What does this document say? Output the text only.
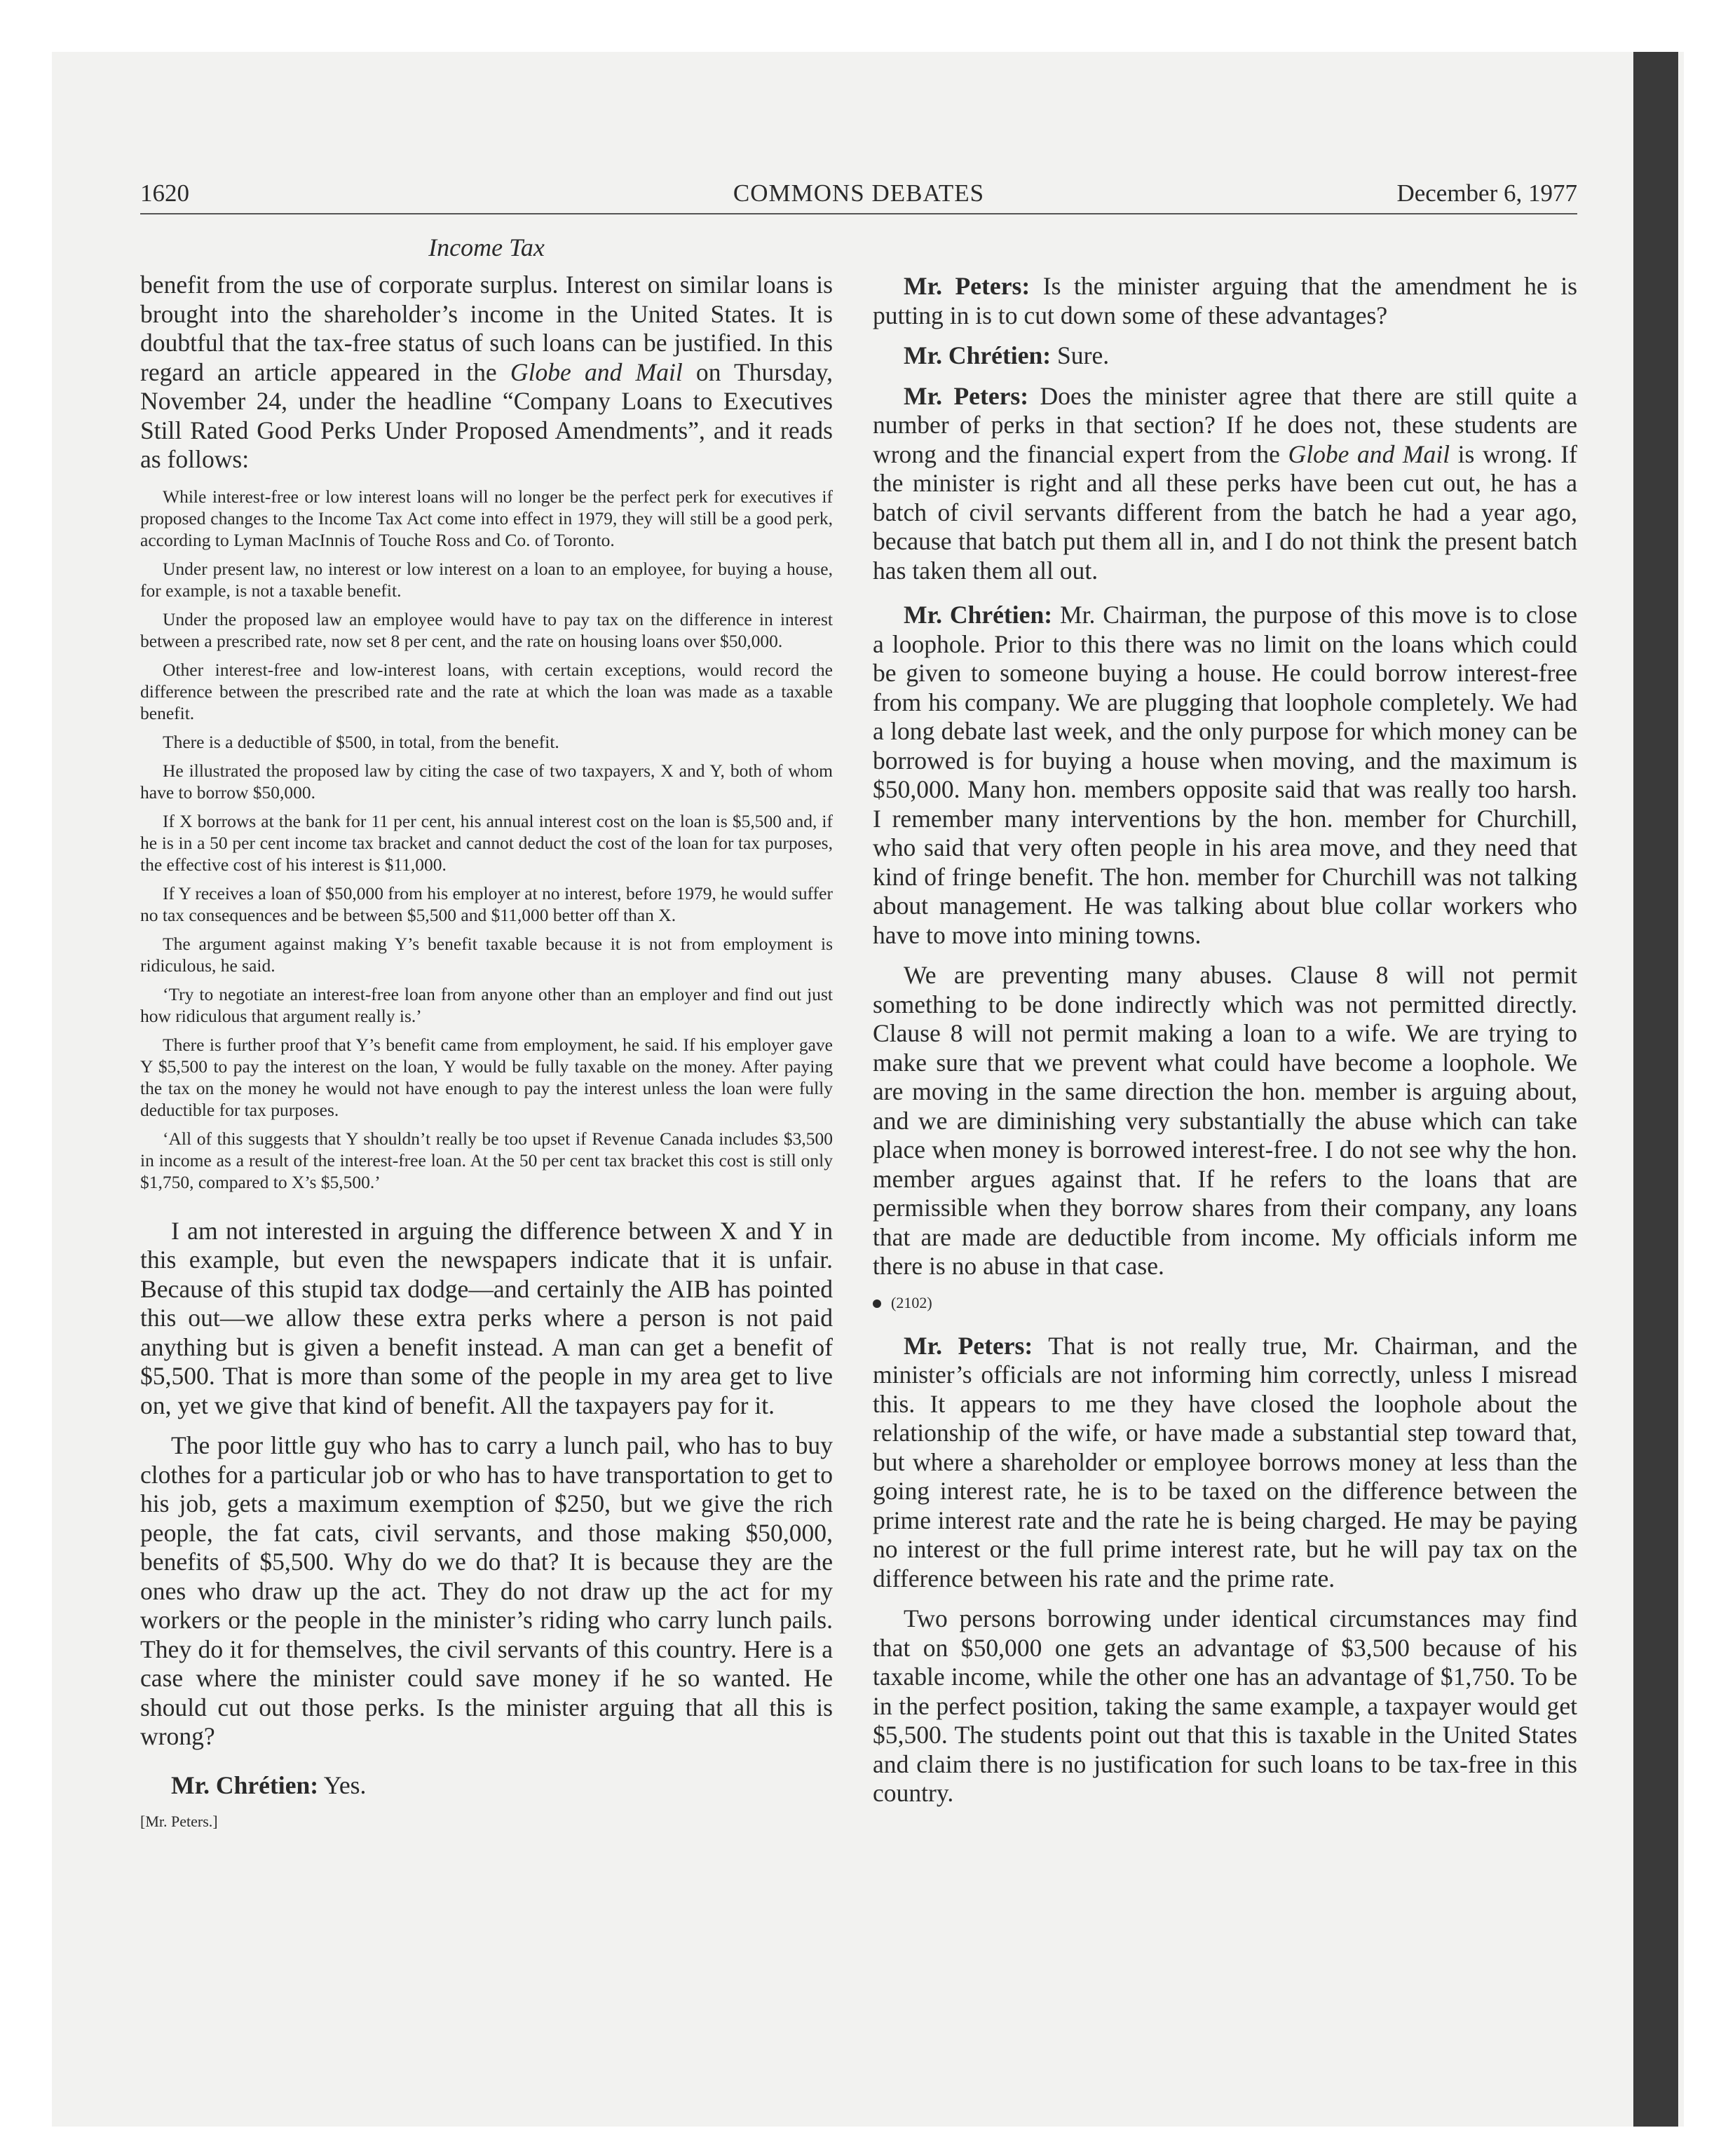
1620	COMMONS DEBATES	December 6, 1977
Income Tax

benefit from the use of corporate surplus. Interest on similar loans is brought into the shareholder’s income in the United States. It is doubtful that the tax-free status of such loans can be justified. In this regard an article appeared in the Globe and Mail on Thursday, November 24, under the headline “Company Loans to Executives Still Rated Good Perks Under Proposed Amendments”, and it reads as follows:

While interest-free or low interest loans will no longer be the perfect perk for executives if proposed changes to the Income Tax Act come into effect in 1979, they will still be a good perk, according to Lyman MacInnis of Touche Ross and Co. of Toronto.

Under present law, no interest or low interest on a loan to an employee, for buying a house, for example, is not a taxable benefit.

Under the proposed law an employee would have to pay tax on the difference in interest between a prescribed rate, now set 8 per cent, and the rate on housing loans over $50,000.

Other interest-free and low-interest loans, with certain exceptions, would record the difference between the prescribed rate and the rate at which the loan was made as a taxable benefit.

There is a deductible of $500, in total, from the benefit.

He illustrated the proposed law by citing the case of two taxpayers, X and Y, both of whom have to borrow $50,000.

If X borrows at the bank for 11 per cent, his annual interest cost on the loan is $5,500 and, if he is in a 50 per cent income tax bracket and cannot deduct the cost of the loan for tax purposes, the effective cost of his interest is $11,000.

If Y receives a loan of $50,000 from his employer at no interest, before 1979, he would suffer no tax consequences and be between $5,500 and $11,000 better off than X.

The argument against making Y’s benefit taxable because it is not from employment is ridiculous, he said.

‘Try to negotiate an interest-free loan from anyone other than an employer and find out just how ridiculous that argument really is.’

There is further proof that Y’s benefit came from employment, he said. If his employer gave Y $5,500 to pay the interest on the loan, Y would be fully taxable on the money. After paying the tax on the money he would not have enough to pay the interest unless the loan were fully deductible for tax purposes.

‘All of this suggests that Y shouldn’t really be too upset if Revenue Canada includes $3,500 in income as a result of the interest-free loan. At the 50 per cent tax bracket this cost is still only $1,750, compared to X’s $5,500.’

I am not interested in arguing the difference between X and Y in this example, but even the newspapers indicate that it is unfair. Because of this stupid tax dodge—and certainly the AIB has pointed this out—we allow these extra perks where a person is not paid anything but is given a benefit instead. A man can get a benefit of $5,500. That is more than some of the people in my area get to live on, yet we give that kind of benefit. All the taxpayers pay for it.

The poor little guy who has to carry a lunch pail, who has to buy clothes for a particular job or who has to have transportation to get to his job, gets a maximum exemption of $250, but we give the rich people, the fat cats, civil servants, and those making $50,000, benefits of $5,500. Why do we do that? It is because they are the ones who draw up the act. They do not draw up the act for my workers or the people in the minister’s riding who carry lunch pails. They do it for themselves, the civil servants of this country. Here is a case where the minister could save money if he so wanted. He should cut out those perks. Is the minister arguing that all this is wrong?

Mr. Chrétien: Yes.

[Mr. Peters.]

Mr. Peters: Is the minister arguing that the amendment he is putting in is to cut down some of these advantages?

Mr. Chrétien: Sure.

Mr. Peters: Does the minister agree that there are still quite a number of perks in that section? If he does not, these students are wrong and the financial expert from the Globe and Mail is wrong. If the minister is right and all these perks have been cut out, he has a batch of civil servants different from the batch he had a year ago, because that batch put them all in, and I do not think the present batch has taken them all out.

Mr. Chrétien: Mr. Chairman, the purpose of this move is to close a loophole. Prior to this there was no limit on the loans which could be given to someone buying a house. He could borrow interest-free from his company. We are plugging that loophole completely. We had a long debate last week, and the only purpose for which money can be borrowed is for buying a house when moving, and the maximum is $50,000. Many hon. members opposite said that was really too harsh. I remember many interventions by the hon. member for Churchill, who said that very often people in his area move, and they need that kind of fringe benefit. The hon. member for Churchill was not talking about management. He was talking about blue collar workers who have to move into mining towns.

We are preventing many abuses. Clause 8 will not permit something to be done indirectly which was not permitted directly. Clause 8 will not permit making a loan to a wife. We are trying to make sure that we prevent what could have become a loophole. We are moving in the same direction the hon. member is arguing about, and we are diminishing very substantially the abuse which can take place when money is borrowed interest-free. I do not see why the hon. member argues against that. If he refers to the loans that are permissible when they borrow shares from their company, any loans that are made are deductible from income. My officials inform me there is no abuse in that case.

(2102)

Mr. Peters: That is not really true, Mr. Chairman, and the minister’s officials are not informing him correctly, unless I misread this. It appears to me they have closed the loophole about the relationship of the wife, or have made a substantial step toward that, but where a shareholder or employee borrows money at less than the going interest rate, he is to be taxed on the difference between the prime interest rate and the rate he is being charged. He may be paying no interest or the full prime interest rate, but he will pay tax on the difference between his rate and the prime rate.

Two persons borrowing under identical circumstances may find that on $50,000 one gets an advantage of $3,500 because of his taxable income, while the other one has an advantage of $1,750. To be in the perfect position, taking the same example, a taxpayer would get $5,500. The students point out that this is taxable in the United States and claim there is no justification for such loans to be tax-free in this country.
